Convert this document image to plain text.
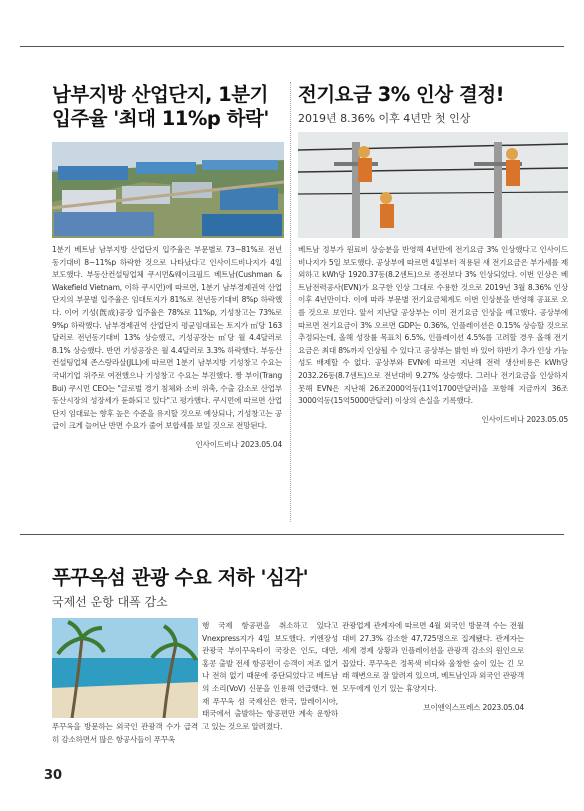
남부지방 산업단지, 1분기
입주율 '최대 11%p 하락'
1분기 베트남 남부지방 산업단지 입주율은 부문별로 73~81%로 전년동기대비 8~11%p 하락한 것으로 나타났다고 인사이드비나지가 4일 보도했다. 부동산컨설팅업체 쿠시먼&웨이크필드 베트남(Cushman & Wakefield Vietnam, 이하 쿠시먼)에 따르면, 1분기 남부경제권역 산업단지의 부문별 입주율은 임대토지가 81%로 전년동기대비 8%p 하락했다. 이어 기성(旣成)공장 입주율은 78%로 11%p, 기성창고는 73%로 9%p 하락했다. 남부경제권역 산업단지 평균임대료는 토지가 ㎡당 163달러로 전년동기대비 13% 상승했고, 기성공장는 ㎡당 월 4.4달러로 8.1% 상승했다. 반면 기성공장은 월 4.4달러로 3.3% 하락했다. 부동산컨설팅업체 존스랑라살(JLL)에 따르면 1분기 남부지방 기성창고 수요는 국내기업 위주로 여전했으나 기성창고 수요는 부진했다. 짱 부이(Trang Bui) 쿠시먼 CEO는 "글로벌 경기 침체와 소비 위축, 수출 감소로 산업부동산시장의 성장세가 둔화되고 있다"고 평가했다. 쿠시먼에 따르면 산업단지 임대료는 향후 높은 수준을 유지할 것으로 예상되나, 기성창고는 공급이 크게 늘어난 반면 수요가 줄어 보합세를 보일 것으로 전망된다.
인사이드비나 2023.05.04
전기요금 3% 인상 결정!
2019년 8.36% 이후 4년만 첫 인상
베트남 정부가 원료비 상승분을 반영해 4년만에 전기요금 3% 인상했다고 인사이드비나지가 5일 보도했다. 공상부에 따르면 4일부터 적용된 새 전기요금은 부가세를 제외하고 kWh당 1920.37동(8.2센트)으로 종전보다 3% 인상되었다. 이번 인상은 베트남전력공사(EVN)가 요구한 인상 그대로 수용한 것으로 2019년 3월 8.36% 인상 이후 4년만이다. 이에 따라 부문별 전기요금체계도 이번 인상분을 반영해 공표로 오를 것으로 보인다. 앞서 지난달 공상부는 이미 전기요금 인상을 예고했다. 공상부에 따르면 전기요금이 3% 오르면 GDP는 0.36%, 인플레이션은 0.15% 상승할 것으로 추정되는데, 올해 성장률 목표치 6.5%, 인플레이션 4.5%를 고려할 경우 올해 전기요금은 최대 8%까지 인상될 수 있다고 공상부는 밝힌 바 있어 하반기 추가 인상 가능성도 배제할 수 없다. 공상부와 EVN에 따르면 지난해 전력 생산비용은 kWh당 2032.26동(8.7센트)으로 전년대비 9.27% 상승했다. 그러나 전기요금을 인상하지 못해 EVN은 지난해 26조2000억동(11억1700만달러)을 포함해 지금까지 36조3000억동(15억5000만달러) 이상의 손실을 기록했다.
인사이드비나 2023.05.05
푸꾸옥섬 관광 수요 저하 '심각'
국제선 운항 대폭 감소
푸꾸옥을 방문하는 외국인 관광객 수가 급격히 감소하면서 많은 항공사들이 푸꾸옥
행 국제 항공편을 취소하고 있다고 Vnexpress지가 4일 보도했다. 키엔장성 관광국 부이꾸옥타이 국장은 인도, 대만, 홍콩 출발 전세 항공편이 승객이 저조 없거나 전혀 없기 때문에 중단되었다고 베트남의 소리(VoV) 신문을 인용해 언급했다. 현재 푸꾸옥 섬 국제선은 한국, 말레이시아, 태국에서 출발하는 항공편만 계속 운항하고 있는 것으로 알려졌다.
관광업계 관계자에 따르면 4월 외국인 방문객 수는 전월 대비 27.3% 감소한 47,725명으로 집계됐다. 관계자는 세계 경제 상황과 인플레이션을 관광객 감소의 원인으로 꼽았다. 푸꾸옥은 정목색 비다와 울창한 숲이 있는 긴 모래 해변으로 잘 알려져 있으며, 베트남인과 외국인 관광객 모두에게 인기 있는 휴양지다.
브이엔익스프레스 2023.05.04
30
